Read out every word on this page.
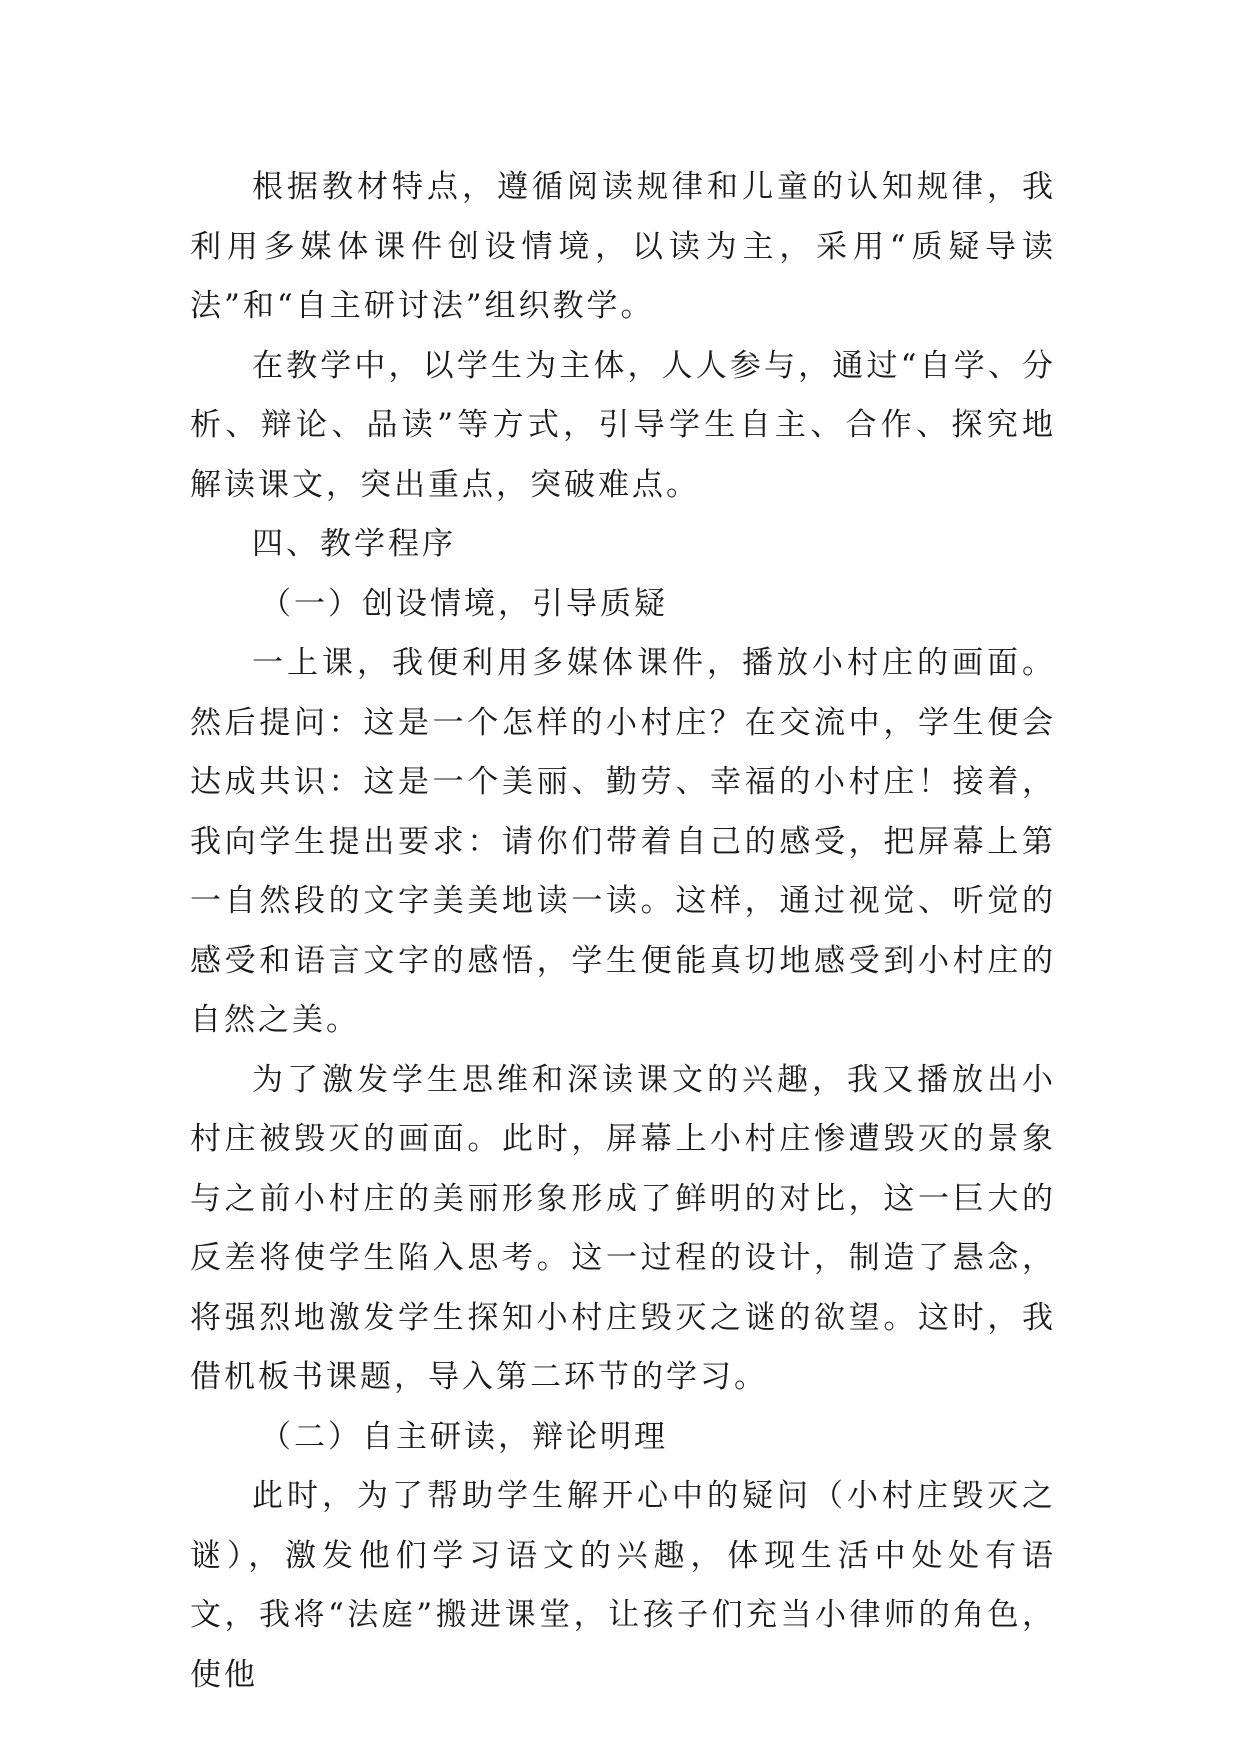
根据教材特点，遵循阅读规律和儿童的认知规律，我利用多媒体课件创设情境，以读为主，采用“质疑导读法”和“自主研讨法”组织教学。

在教学中，以学生为主体，人人参与，通过“自学、分析、辩论、品读”等方式，引导学生自主、合作、探究地解读课文，突出重点，突破难点。

四、教学程序

（一）创设情境，引导质疑

一上课，我便利用多媒体课件，播放小村庄的画面。然后提问：这是一个怎样的小村庄？在交流中，学生便会达成共识：这是一个美丽、勤劳、幸福的小村庄！接着，我向学生提出要求：请你们带着自己的感受，把屏幕上第一自然段的文字美美地读一读。这样，通过视觉、听觉的感受和语言文字的感悟，学生便能真切地感受到小村庄的自然之美。

为了激发学生思维和深读课文的兴趣，我又播放出小村庄被毁灭的画面。此时，屏幕上小村庄惨遭毁灭的景象与之前小村庄的美丽形象形成了鲜明的对比，这一巨大的反差将使学生陷入思考。这一过程的设计，制造了悬念，将强烈地激发学生探知小村庄毁灭之谜的欲望。这时，我借机板书课题，导入第二环节的学习。

（二）自主研读，辩论明理

此时，为了帮助学生解开心中的疑问（小村庄毁灭之谜），激发他们学习语文的兴趣，体现生活中处处有语文，我将“法庭”搬进课堂，让孩子们充当小律师的角色，使他
